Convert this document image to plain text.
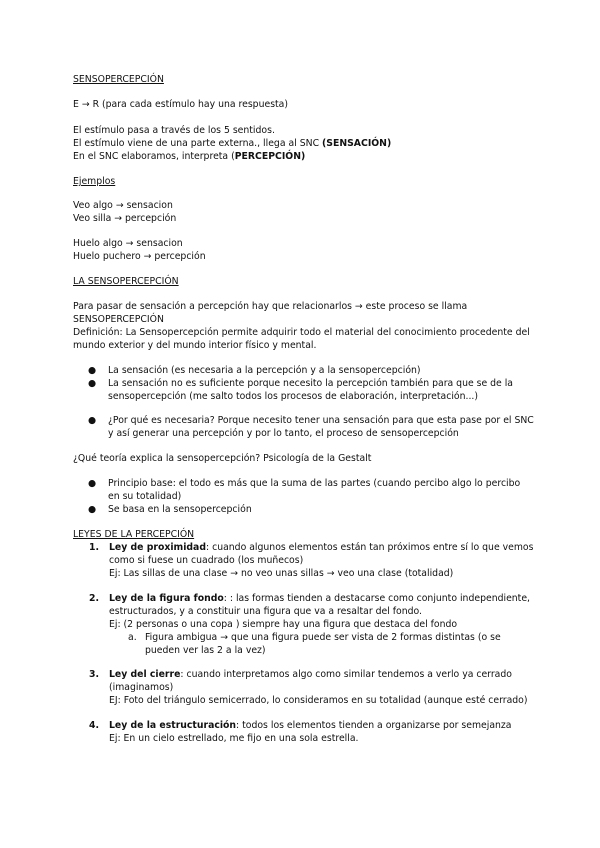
SENSOPERCEPCIÓN

E → R (para cada estímulo hay una respuesta)

El estímulo pasa a través de los 5 sentidos.

El estímulo viene de una parte externa., llega al SNC (SENSACIÓN)

En el SNC elaboramos, interpreta (PERCEPCIÓN)

Ejemplos

Veo algo → sensacion

Veo silla → percepción

Huelo algo → sensacion

Huelo puchero → percepción

LA SENSOPERCEPCIÓN

Para pasar de sensación a percepción hay que relacionarlos → este proceso se llama

SENSOPERCEPCIÓN

Definición: La Sensopercepción permite adquirir todo el material del conocimiento procedente del

mundo exterior y del mundo interior físico y mental.

● La sensación (es necesaria a la percepción y a la sensopercepción)
● La sensación no es suficiente porque necesito la percepción también para que se de la
sensopercepción (me salto todos los procesos de elaboración, interpretación...)
● ¿Por qué es necesaria? Porque necesito tener una sensación para que esta pase por el SNC
y así generar una percepción y por lo tanto, el proceso de sensopercepción

¿Qué teoría explica la sensopercepción? Psicología de la Gestalt

● Principio base: el todo es más que la suma de las partes (cuando percibo algo lo percibo
en su totalidad)
● Se basa en la sensopercepción

LEYES DE LA PERCEPCIÓN

1. Ley de proximidad: cuando algunos elementos están tan próximos entre sí lo que vemos
como si fuese un cuadrado (los muñecos)
Ej: Las sillas de una clase → no veo unas sillas → veo una clase (totalidad)
2. Ley de la figura fondo: : las formas tienden a destacarse como conjunto independiente,
estructurados, y a constituir una figura que va a resaltar del fondo.
Ej: (2 personas o una copa ) siempre hay una figura que destaca del fondo
a. Figura ambigua → que una figura puede ser vista de 2 formas distintas (o se
pueden ver las 2 a la vez)
3. Ley del cierre: cuando interpretamos algo como similar tendemos a verlo ya cerrado
(imaginamos)
EJ: Foto del triángulo semicerrado, lo consideramos en su totalidad (aunque esté cerrado)
4. Ley de la estructuración: todos los elementos tienden a organizarse por semejanza
Ej: En un cielo estrellado, me fijo en una sola estrella.
